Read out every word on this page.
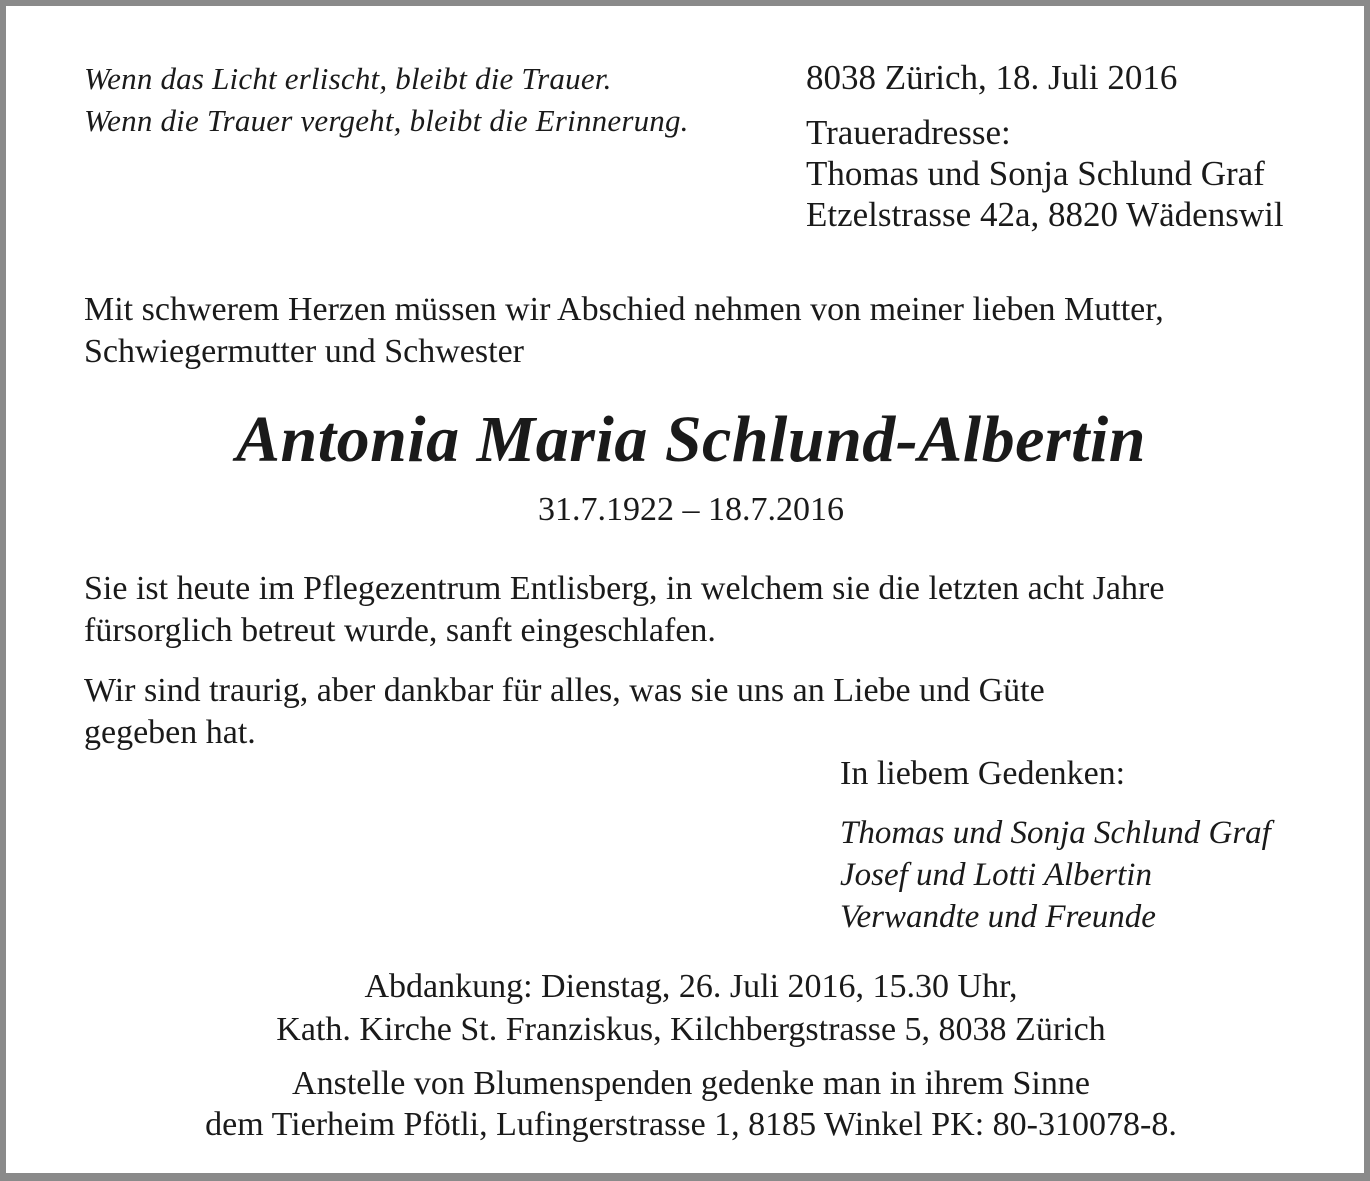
Wenn das Licht erlischt, bleibt die Trauer.
Wenn die Trauer vergeht, bleibt die Erinnerung.

8038 Zürich, 18. Juli 2016

Traueradresse:
Thomas und Sonja Schlund Graf
Etzelstrasse 42a, 8820 Wädenswil

Mit schwerem Herzen müssen wir Abschied nehmen von meiner lieben Mutter,
Schwiegermutter und Schwester

Antonia Maria Schlund-Albertin

31.7.1922 – 18.7.2016

Sie ist heute im Pflegezentrum Entlisberg, in welchem sie die letzten acht Jahre
fürsorglich betreut wurde, sanft eingeschlafen.

Wir sind traurig, aber dankbar für alles, was sie uns an Liebe und Güte
gegeben hat.

In liebem Gedenken:

Thomas und Sonja Schlund Graf
Josef und Lotti Albertin
Verwandte und Freunde

Abdankung: Dienstag, 26. Juli 2016, 15.30 Uhr,
Kath. Kirche St. Franziskus, Kilchbergstrasse 5, 8038 Zürich

Anstelle von Blumenspenden gedenke man in ihrem Sinne
dem Tierheim Pfötli, Lufingerstrasse 1, 8185 Winkel PK: 80-310078-8.
